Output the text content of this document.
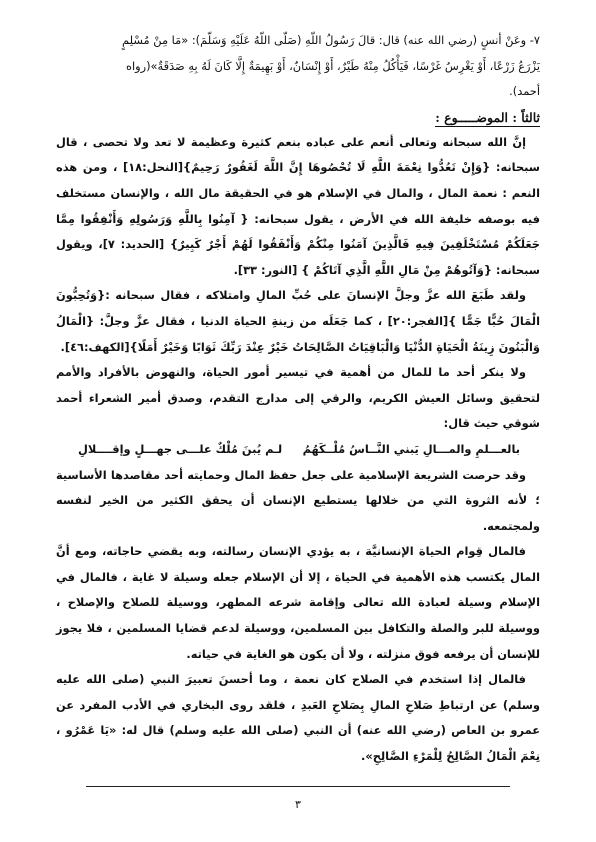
٧- وعَنْ أنسٍ (رضي الله عنه) قال: قالَ رَسُولُ اللّهِ (صَلّى اللّهُ عَلَيْهِ وَسَلّمَ): «مَا مِنْ مُسْلِمٍ

يَزْرَعُ زَرْعًا، أَوْ يَغْرِسُ غَرْسًا، فَيَأْكُلُ مِنْهُ طَيْرٌ، أَوْ إِنْسَانٌ، أَوْ بَهِيمَةٌ إِلَّا كَانَ لَهُ بِهِ صَدَقَةٌ»(رواه

أحمد).

ثالثاً : الموضـــــوع :

إنَّ الله سبحانه وتعالى أنعم على عباده بنعم كثيرة وعظيمة لا تعد ولا تحصى ، قال سبحانه: {وَإِنْ تَعُدُّوا نِعْمَةَ اللَّهِ لَا تُحْصُوهَا إِنَّ اللَّهَ لَغَفُورٌ رَحِيمٌ}[النحل:١٨] ، ومن هذه النعم : نعمة المال ، والمال في الإسلام هو في الحقيقة مال الله ، والإنسان مستخلف فيه بوصفه خليفة الله في الأرض ، يقول سبحانه: { آمِنُوا بِاللَّهِ وَرَسُولِهِ وَأَنْفِقُوا مِمَّا جَعَلَكُمْ مُسْتَخْلَفِينَ فِيهِ فَالَّذِينَ آمَنُوا مِنْكُمْ وَأَنْفَقُوا لَهُمْ أَجْرٌ كَبِيرٌ} [الحديد: ٧]، ويقول سبحانه: {وَآتُوهُمْ مِنْ مَالِ اللَّهِ الَّذِي آتَاكُمْ } [النور: ٣٣].

ولقد طَبَعَ الله عزَّ وجلَّ الإنسانَ على حُبِّ المالِ وامتلاكه ، فقال سبحانه :{وَتُحِبُّونَ الْمَالَ حُبًّا جَمًّا }[الفجر:٢٠] ، كما جَعَلَه من زينةِ الحياة الدنيا ، فقال عزَّ وجلَّ: {الْمَالُ وَالْبَنُونَ زِينَةُ الْحَيَاةِ الدُّنْيَا وَالْبَاقِيَاتُ الصَّالِحَاتُ خَيْرٌ عِنْدَ رَبِّكَ ثَوَابًا وَخَيْرٌ أَمَلًا}[الكهف:٤٦].

ولا ينكر أحد ما للمال من أهمية في تيسير أمور الحياة، والنهوض بالأفراد والأمم لتحقيق وسائل العيش الكريم، والرقي إلى مدارج التقدم، وصدق أمير الشعراء أحمد شوقي حيث قال:

بالعـــلمِ والمـــالِ يَبني النَّــاسُ مُلْــكَهُمُ
لـم يُبنَ مُلْكٌ علـــى جهـــلٍ وإقــــلالِ

وقد حرصت الشريعة الإسلامية على جعل حفظ المال وحمايته أحد مقاصدها الأساسية ؛ لأنه الثروة التي من خلالها يستطيع الإنسان أن يحقق الكثير من الخير لنفسه ولمجتمعه.

فالمال قِوام الحياة الإنسانيَّة ، به يؤدي الإنسان رسالته، وبه يقضي حاجاته، ومع أنَّ المال يكتسب هذه الأهمية في الحياة ، إلا أن الإسلام جعله وسيلة لا غاية ، فالمال في الإسلام وسيلة لعبادة الله تعالى وإقامة شرعه المطهر، ووسيلة للصلاح والإصلاح ، ووسيلة للبر والصلة والتكافل بين المسلمين، ووسيلة لدعم قضايا المسلمين ، فلا يجوز للإنسان أن يرفعه فوق منزلته ، ولا أن يكون هو الغاية في حياته.

فالمال إذا استخدم في الصلاح كان نعمة ، وما أحسنَ تعبيرَ النبي (صلى الله عليه وسلم) عن ارتباطِ صَلاحِ المالِ بِصَلاحِ العَبدِ ، فلقد روى البخاري في الأدب المفرد عن عمرو بن العاص (رضي الله عنه) أن النبي (صلى الله عليه وسلم) قال له: «يَا عَمْرُو ، نِعْمَ الْمَالُ الصَّالِحُ لِلْمَرْءِ الصَّالِحِ».

٣
